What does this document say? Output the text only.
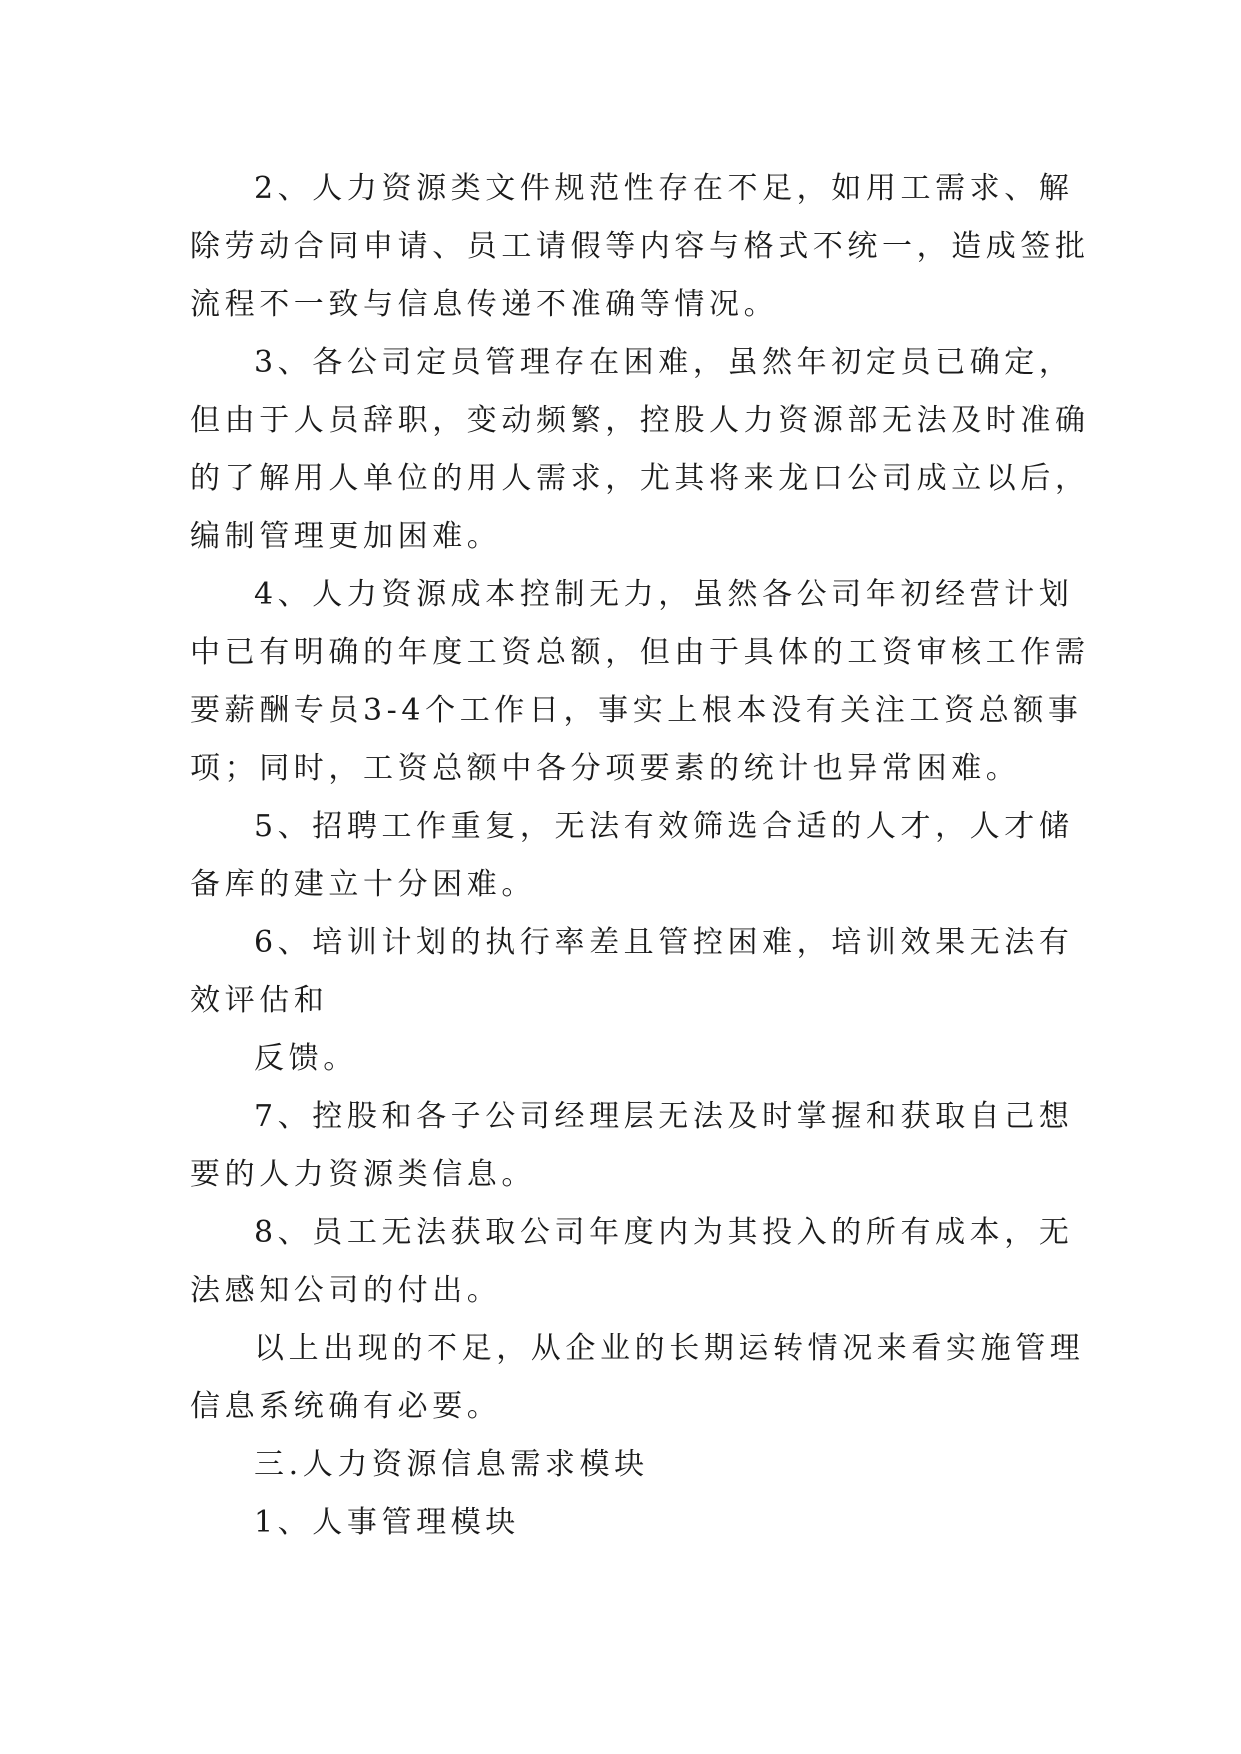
2、人力资源类文件规范性存在不足，如用工需求、解
除劳动合同申请、员工请假等内容与格式不统一，造成签批
流程不一致与信息传递不准确等情况。
3、各公司定员管理存在困难，虽然年初定员已确定，
但由于人员辞职，变动频繁，控股人力资源部无法及时准确
的了解用人单位的用人需求，尤其将来龙口公司成立以后，
编制管理更加困难。
4、人力资源成本控制无力，虽然各公司年初经营计划
中已有明确的年度工资总额，但由于具体的工资审核工作需
要薪酬专员3-4个工作日，事实上根本没有关注工资总额事
项；同时，工资总额中各分项要素的统计也异常困难。
5、招聘工作重复，无法有效筛选合适的人才，人才储
备库的建立十分困难。
6、培训计划的执行率差且管控困难，培训效果无法有
效评估和
反馈。
7、控股和各子公司经理层无法及时掌握和获取自己想
要的人力资源类信息。
8、员工无法获取公司年度内为其投入的所有成本，无
法感知公司的付出。
以上出现的不足，从企业的长期运转情况来看实施管理
信息系统确有必要。
三.人力资源信息需求模块
1、人事管理模块
